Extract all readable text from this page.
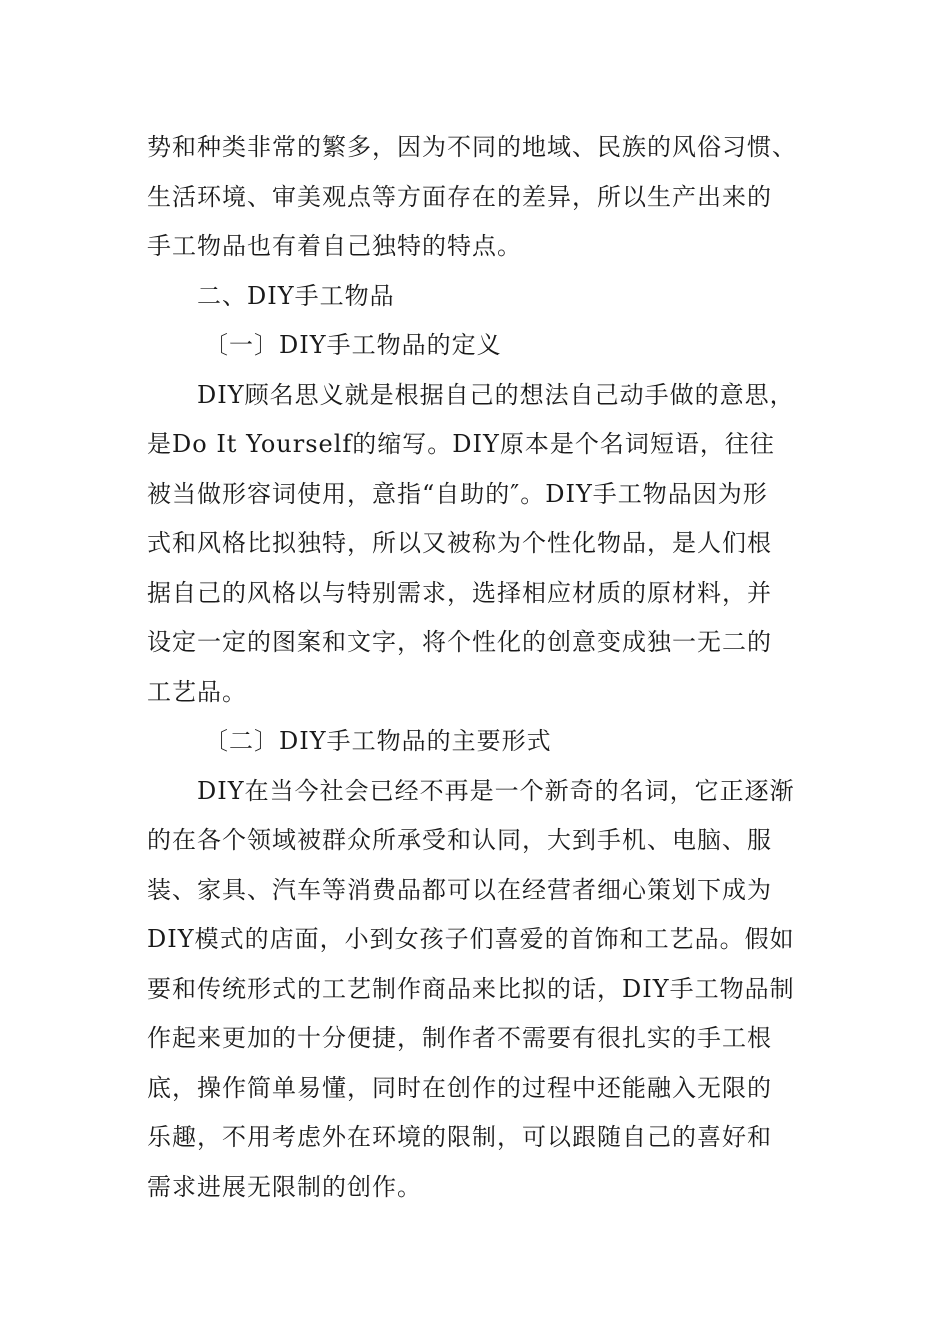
势和种类非常的繁多，因为不同的地域、民族的风俗习惯、
生活环境、审美观点等方面存在的差异，所以生产出来的
手工物品也有着自己独特的特点。
二、DIY手工物品
〔一〕DIY手工物品的定义
DIY顾名思义就是根据自己的想法自己动手做的意思，
是Do It Yourself的缩写。DIY原本是个名词短语，往往
被当做形容词使用，意指“自助的″。DIY手工物品因为形
式和风格比拟独特，所以又被称为个性化物品，是人们根
据自己的风格以与特别需求，选择相应材质的原材料，并
设定一定的图案和文字，将个性化的创意变成独一无二的
工艺品。
〔二〕DIY手工物品的主要形式
DIY在当今社会已经不再是一个新奇的名词，它正逐渐
的在各个领域被群众所承受和认同，大到手机、电脑、服
装、家具、汽车等消费品都可以在经营者细心策划下成为
DIY模式的店面，小到女孩子们喜爱的首饰和工艺品。假如
要和传统形式的工艺制作商品来比拟的话，DIY手工物品制
作起来更加的十分便捷，制作者不需要有很扎实的手工根
底，操作简单易懂，同时在创作的过程中还能融入无限的
乐趣，不用考虑外在环境的限制，可以跟随自己的喜好和
需求进展无限制的创作。
